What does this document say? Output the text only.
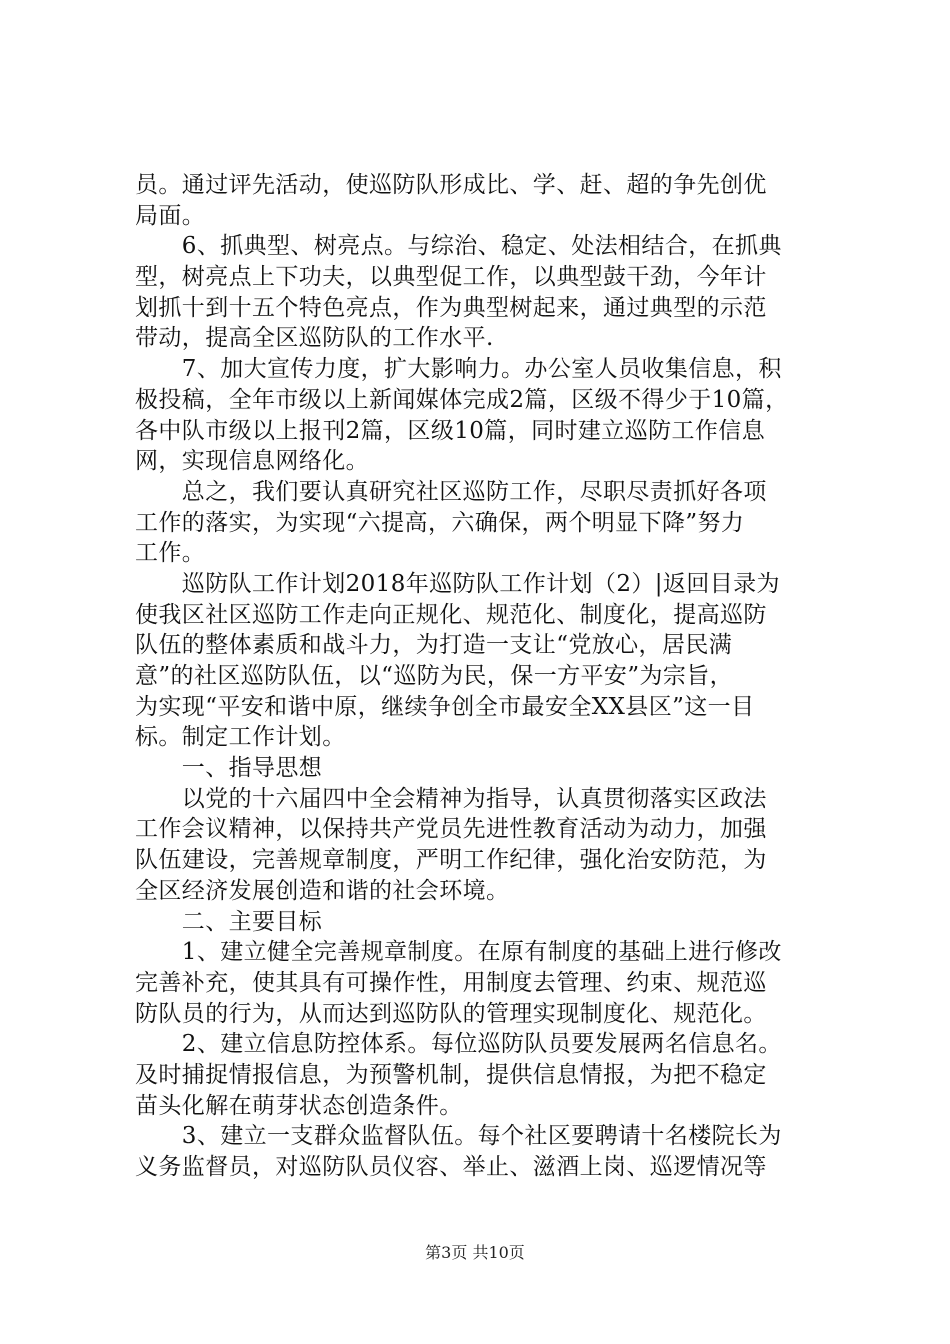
员。通过评先活动，使巡防队形成比、学、赶、超的争先创优
局面。
　　6、抓典型、树亮点。与综治、稳定、处法相结合，在抓典
型，树亮点上下功夫，以典型促工作，以典型鼓干劲，今年计
划抓十到十五个特色亮点，作为典型树起来，通过典型的示范
带动，提高全区巡防队的工作水平.
　　7、加大宣传力度，扩大影响力。办公室人员收集信息，积
极投稿，全年市级以上新闻媒体完成2篇，区级不得少于10篇，
各中队市级以上报刊2篇，区级10篇，同时建立巡防工作信息
网，实现信息网络化。
　　总之，我们要认真研究社区巡防工作，尽职尽责抓好各项
工作的落实，为实现“六提高，六确保，两个明显下降”努力
工作。
　　巡防队工作计划2018年巡防队工作计划（2）|返回目录为
使我区社区巡防工作走向正规化、规范化、制度化，提高巡防
队伍的整体素质和战斗力，为打造一支让“党放心，居民满
意”的社区巡防队伍，以“巡防为民，保一方平安”为宗旨，
为实现“平安和谐中原，继续争创全市最安全XX县区”这一目
标。制定工作计划。
　　一、指导思想
　　以党的十六届四中全会精神为指导，认真贯彻落实区政法
工作会议精神，以保持共产党员先进性教育活动为动力，加强
队伍建设，完善规章制度，严明工作纪律，强化治安防范，为
全区经济发展创造和谐的社会环境。
　　二、主要目标
　　1、建立健全完善规章制度。在原有制度的基础上进行修改
完善补充，使其具有可操作性，用制度去管理、约束、规范巡
防队员的行为，从而达到巡防队的管理实现制度化、规范化。
　　2、建立信息防控体系。每位巡防队员要发展两名信息名。
及时捕捉情报信息，为预警机制，提供信息情报，为把不稳定
苗头化解在萌芽状态创造条件。
　　3、建立一支群众监督队伍。每个社区要聘请十名楼院长为
义务监督员，对巡防队员仪容、举止、滋酒上岗、巡逻情况等
第3页 共10页
